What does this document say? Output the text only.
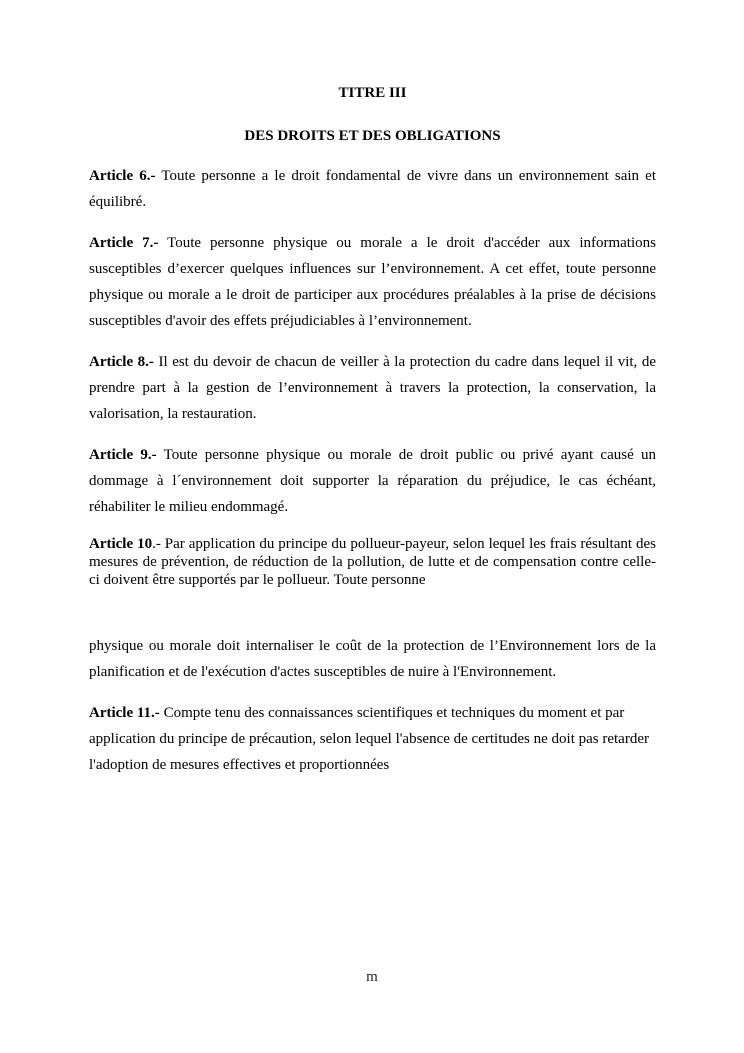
TITRE III
DES DROITS ET DES OBLIGATIONS

Article 6.- Toute personne a le droit fondamental de vivre dans un environnement sain et équilibré.

Article 7.- Toute personne physique ou morale a le droit d'accéder aux informations susceptibles d’exercer quelques influences sur l’environnement. A cet effet, toute personne physique ou morale a le droit de participer aux procédures préalables à la prise de décisions susceptibles d'avoir des effets préjudiciables à l’environnement.

Article 8.- Il est du devoir de chacun de veiller à la protection du cadre dans lequel il vit, de prendre part à la gestion de l’environnement à travers la protection, la conservation, la valorisation, la restauration.

Article 9.- Toute personne physique ou morale de droit public ou privé ayant causé un dommage à l´environnement doit supporter la réparation du préjudice, le cas échéant, réhabiliter le milieu endommagé.

Article 10.- Par application du principe du pollueur-payeur, selon lequel les frais résultant des mesures de prévention, de réduction de la pollution, de lutte et de compensation contre celle-ci doivent être supportés par le pollueur. Toute personne

physique ou morale doit internaliser le coût de la protection de l’Environnement lors de la planification et de l'exécution d'actes susceptibles de nuire à l'Environnement.

Article 11.- Compte tenu des connaissances scientifiques et techniques du moment et par application du principe de précaution, selon lequel l'absence de certitudes ne doit pas retarder l'adoption de mesures effectives et proportionnées

m
